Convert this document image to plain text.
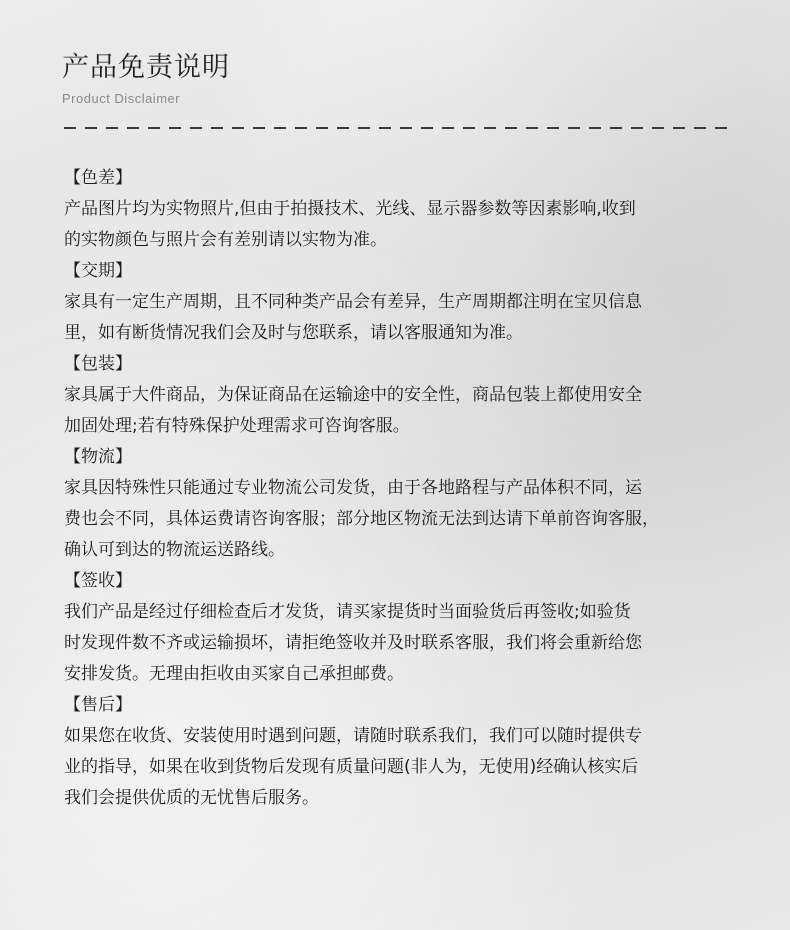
产品免责说明
Product Disclaimer

【色差】

产品图片均为实物照片,但由于拍摄技术、光线、显示器参数等因素影响,收到
的实物颜色与照片会有差别请以实物为准。

【交期】

家具有一定生产周期，且不同种类产品会有差异，生产周期都注明在宝贝信息
里，如有断货情况我们会及时与您联系，请以客服通知为准。

【包装】

家具属于大件商品，为保证商品在运输途中的安全性，商品包装上都使用安全
加固处理;若有特殊保护处理需求可咨询客服。

【物流】

家具因特殊性只能通过专业物流公司发货，由于各地路程与产品体积不同，运
费也会不同，具体运费请咨询客服；部分地区物流无法到达请下单前咨询客服，
确认可到达的物流运送路线。

【签收】

我们产品是经过仔细检查后才发货，请买家提货时当面验货后再签收;如验货
时发现件数不齐或运输损坏，请拒绝签收并及时联系客服，我们将会重新给您
安排发货。无理由拒收由买家自己承担邮费。

【售后】

如果您在收货、安装使用时遇到问题，请随时联系我们，我们可以随时提供专
业的指导，如果在收到货物后发现有质量问题(非人为，无使用)经确认核实后
我们会提供优质的无忧售后服务。
